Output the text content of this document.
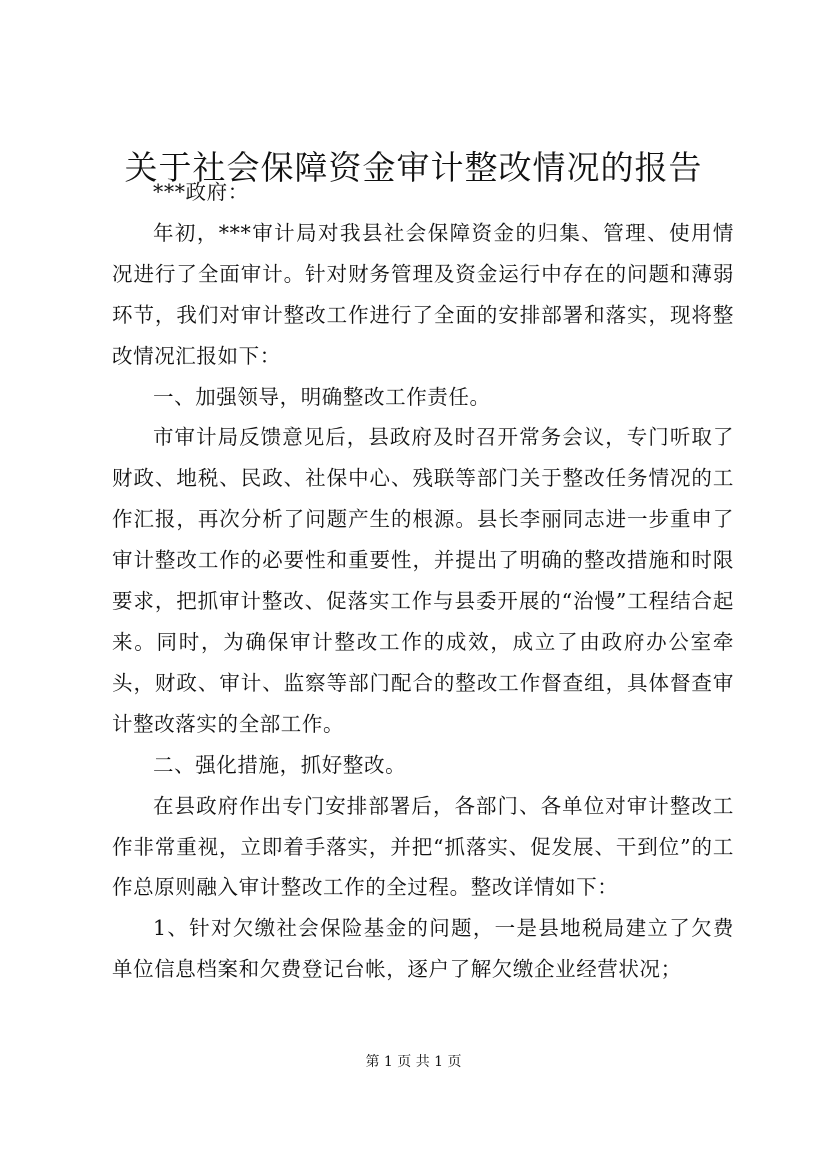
关于社会保障资金审计整改情况的报告

***政府：

年初，***审计局对我县社会保障资金的归集、管理、使用情况进行了全面审计。针对财务管理及资金运行中存在的问题和薄弱环节，我们对审计整改工作进行了全面的安排部署和落实，现将整改情况汇报如下：

一、加强领导，明确整改工作责任。

市审计局反馈意见后，县政府及时召开常务会议，专门听取了财政、地税、民政、社保中心、残联等部门关于整改任务情况的工作汇报，再次分析了问题产生的根源。县长李丽同志进一步重申了审计整改工作的必要性和重要性，并提出了明确的整改措施和时限要求，把抓审计整改、促落实工作与县委开展的“治慢”工程结合起来。同时，为确保审计整改工作的成效，成立了由政府办公室牵头，财政、审计、监察等部门配合的整改工作督查组，具体督查审计整改落实的全部工作。

二、强化措施，抓好整改。

在县政府作出专门安排部署后，各部门、各单位对审计整改工作非常重视，立即着手落实，并把“抓落实、促发展、干到位”的工作总原则融入审计整改工作的全过程。整改详情如下：

1、针对欠缴社会保险基金的问题，一是县地税局建立了欠费单位信息档案和欠费登记台帐，逐户了解欠缴企业经营状况；

第 1 页 共 1 页
